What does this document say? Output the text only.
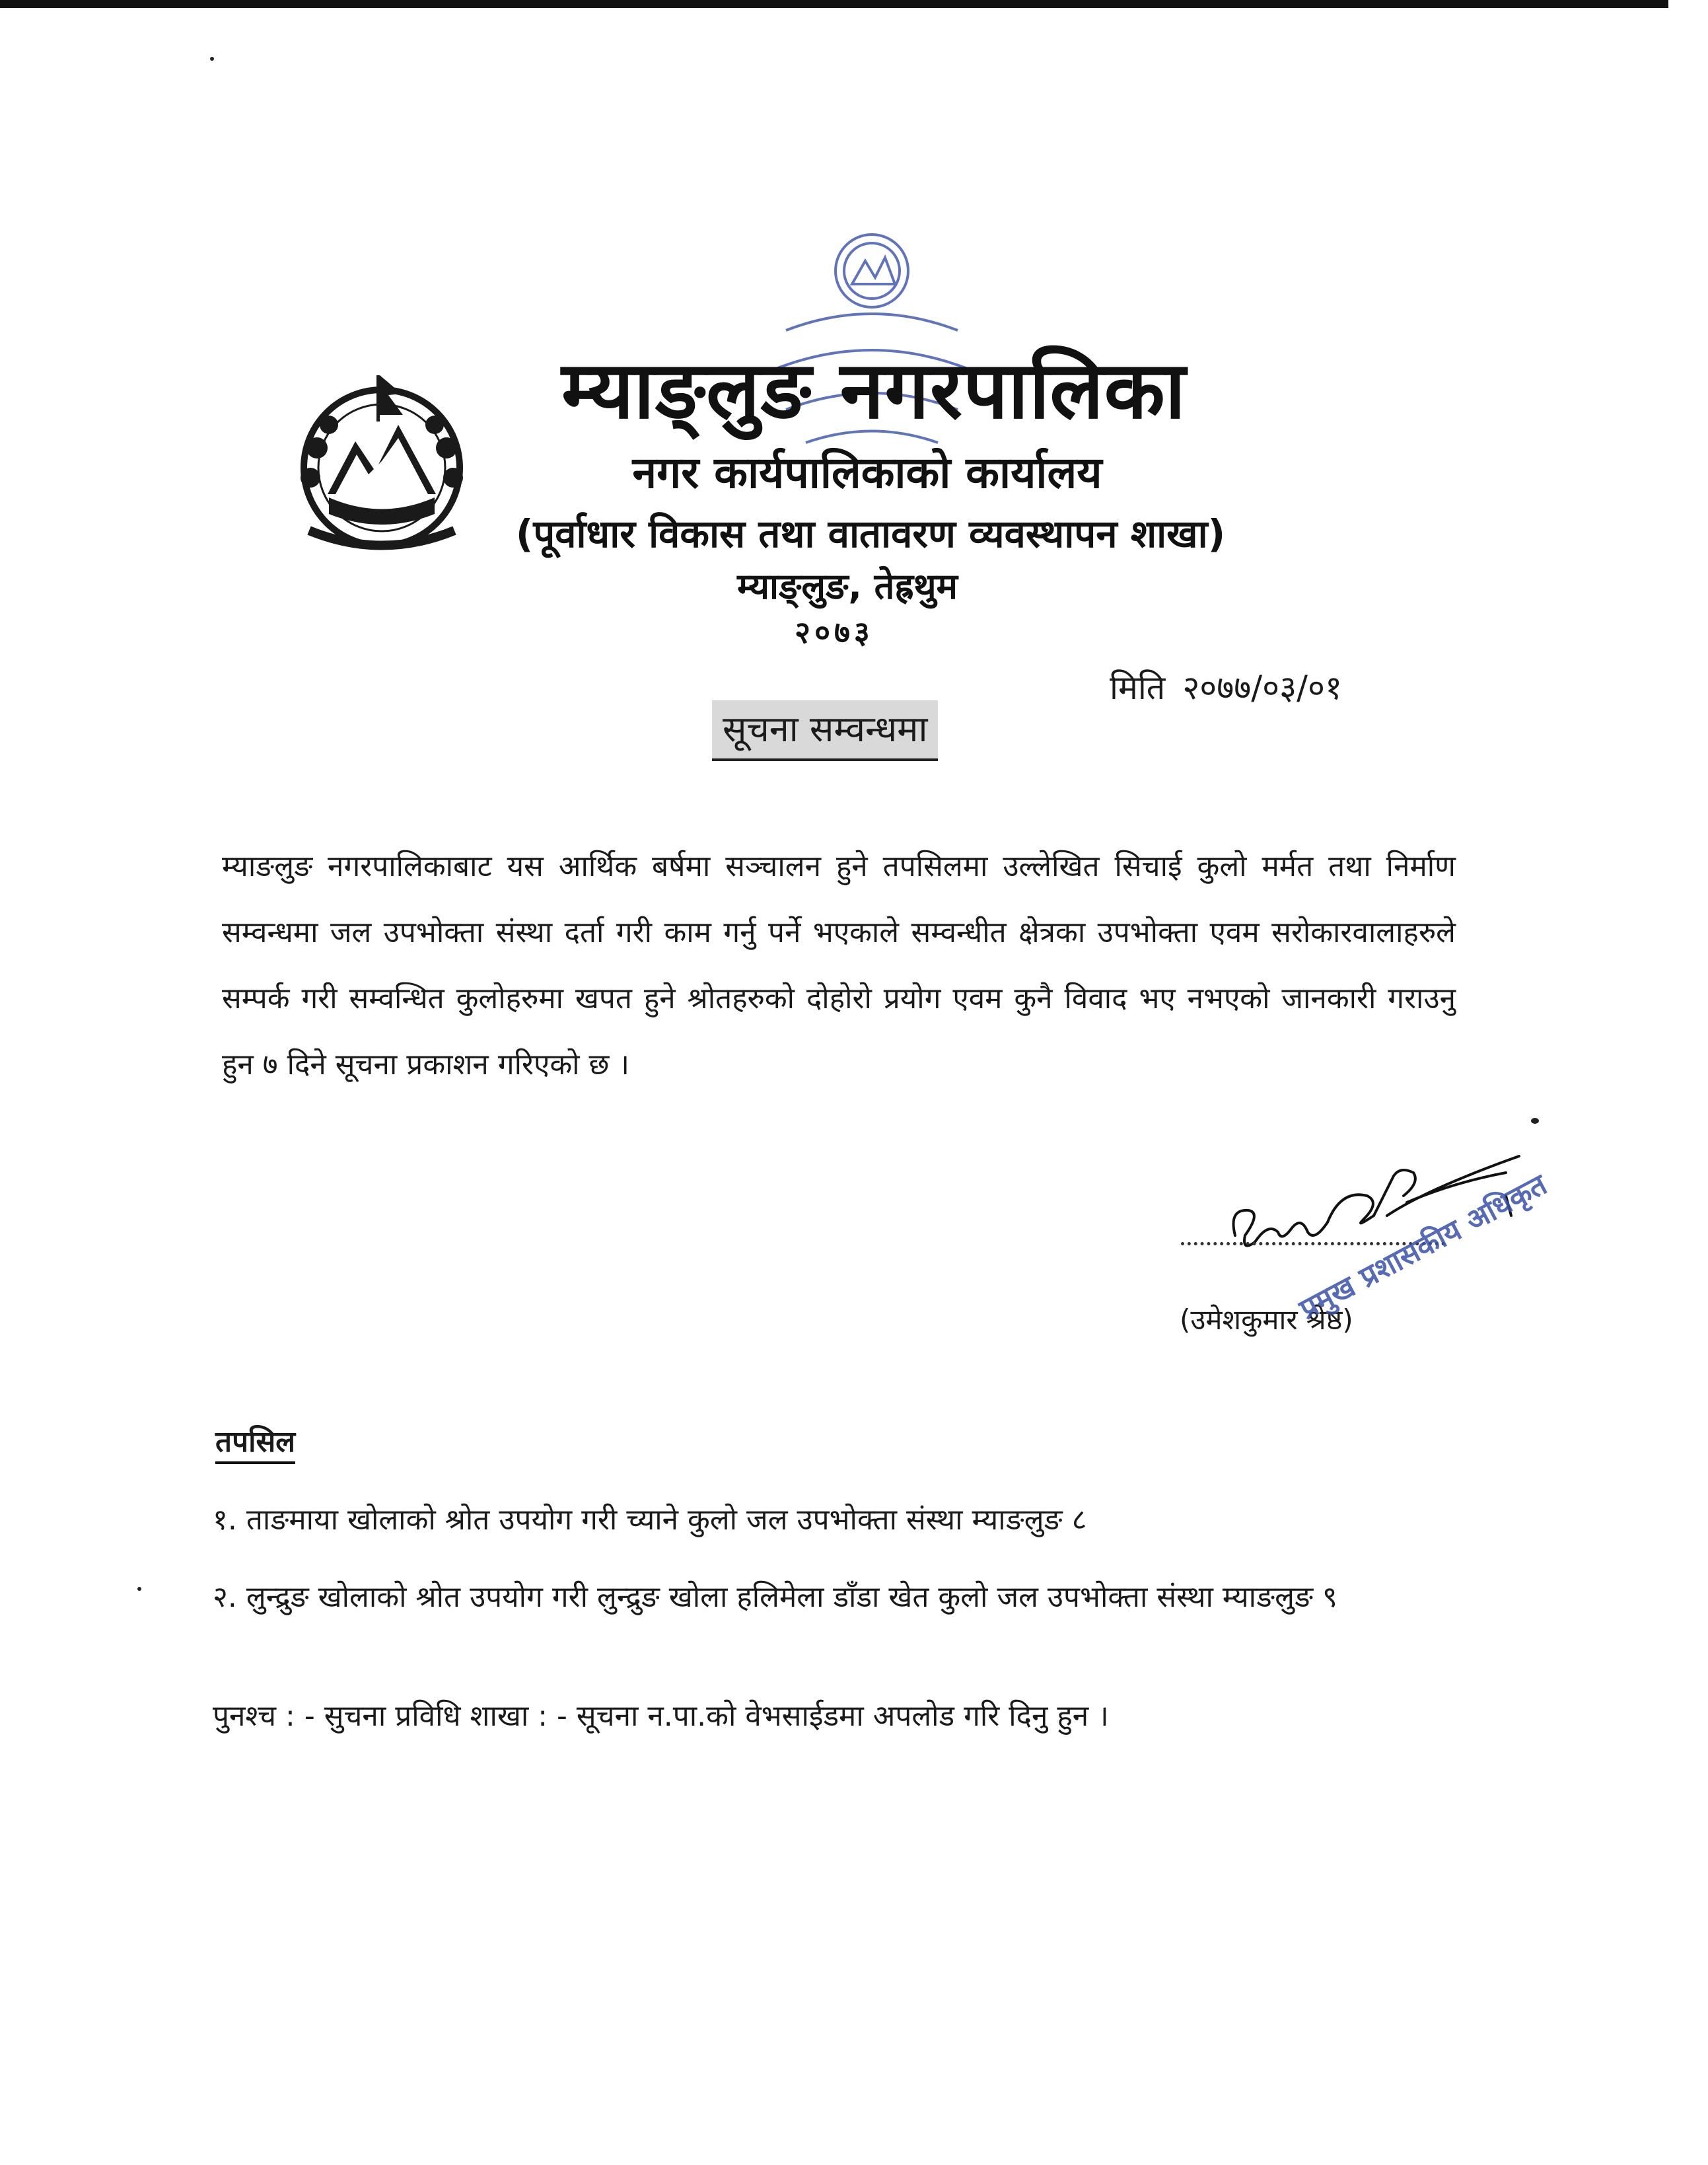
म्याङ्लुङ नगरपालिका
नगर कार्यपालिकाको कार्यालय
(पूर्वाधार विकास तथा वातावरण व्यवस्थापन शाखा)
म्याङ्लुङ, तेह्रथुम
२०७३
मिति २०७७/०३/०१
सूचना सम्वन्धमा
म्याङलुङ नगरपालिकाबाट यस आर्थिक बर्षमा सञ्चालन हुने तपसिलमा उल्लेखित सिचाई कुलो मर्मत तथा निर्माण सम्वन्धमा जल उपभोक्ता संस्था दर्ता गरी काम गर्नु पर्ने भएकाले सम्वन्धीत क्षेत्रका उपभोक्ता एवम सरोकारवालाहरुले सम्पर्क गरी सम्वन्धित कुलोहरुमा खपत हुने श्रोतहरुको दोहोरो प्रयोग एवम कुनै विवाद भए नभएको जानकारी गराउनु हुन ७ दिने सूचना प्रकाशन गरिएको छ ।
(उमेशकुमार श्रेष्ठ)
प्रमुख प्रशासकीय अधिकृत
तपसिल
१. ताङमाया खोलाको श्रोत उपयोग गरी च्याने कुलो जल उपभोक्ता संस्था म्याङलुङ ८
२. लुन्द्रुङ खोलाको श्रोत उपयोग गरी लुन्द्रुङ खोला हलिमेला डाँडा खेत कुलो जल उपभोक्ता संस्था म्याङलुङ ९
पुनश्च : - सुचना प्रविधि शाखा : - सूचना न.पा.को वेभसाईडमा अपलोड गरि दिनु हुन ।
